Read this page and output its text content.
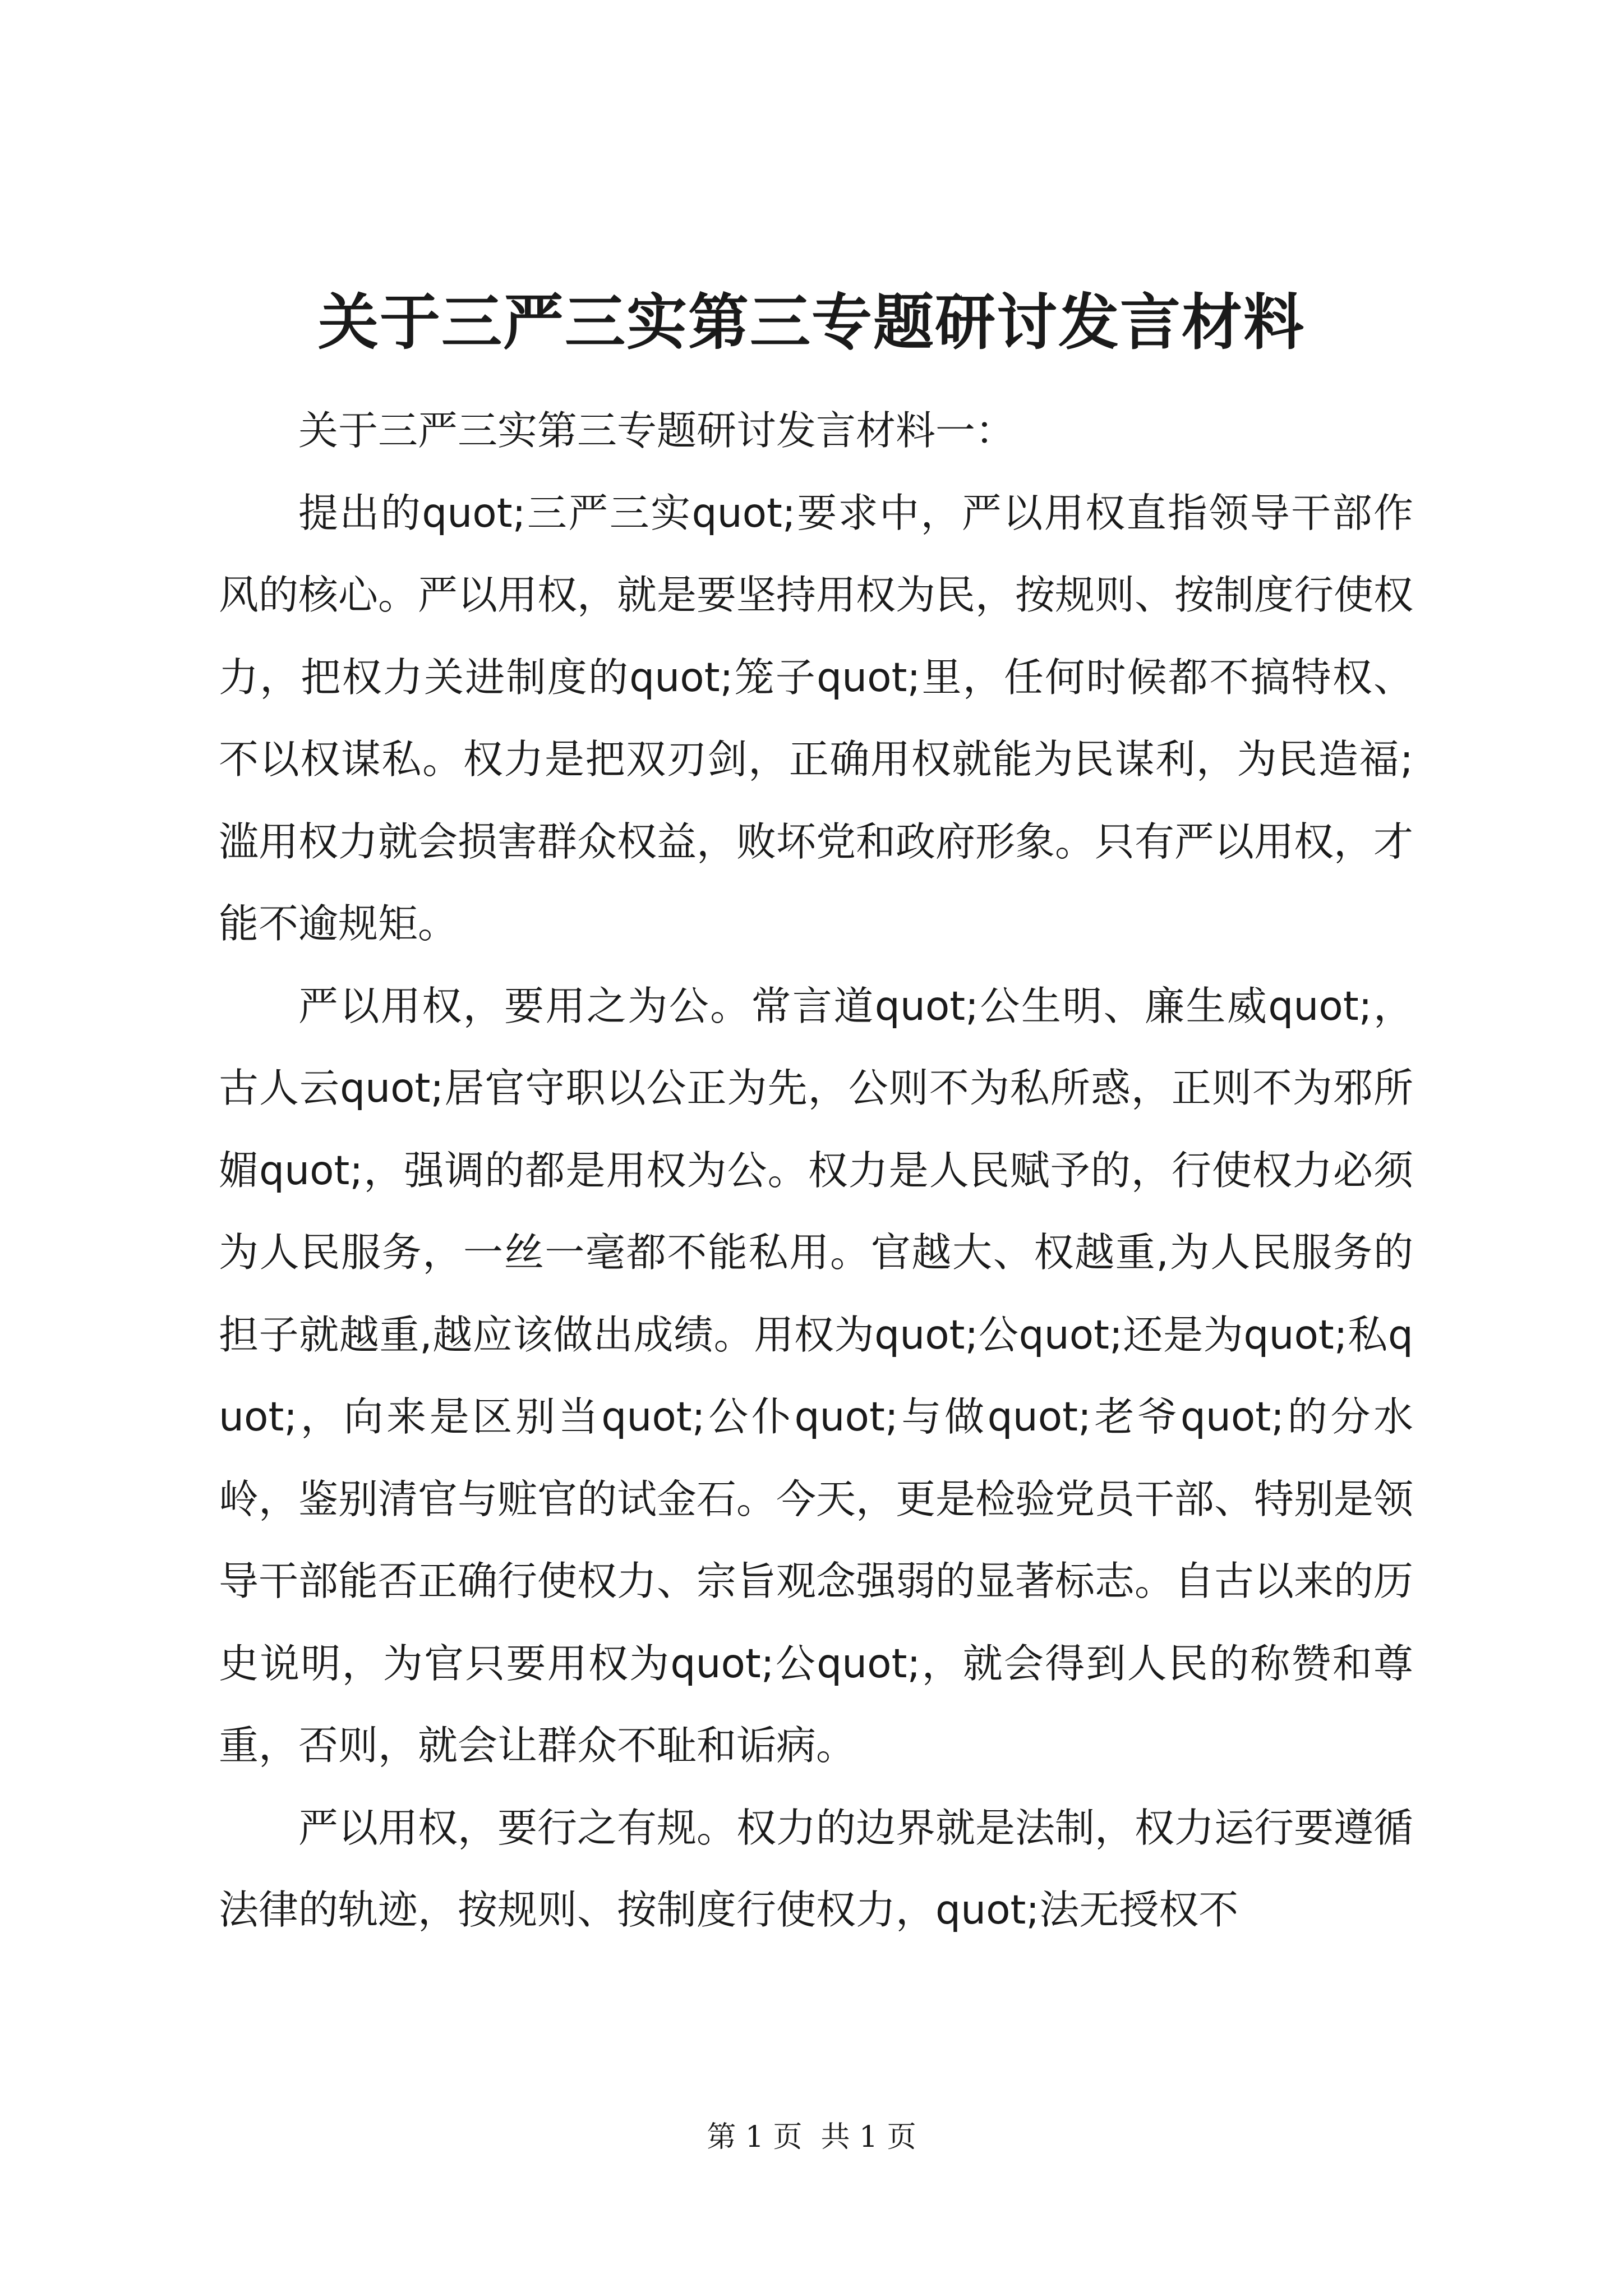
关于三严三实第三专题研讨发言材料

关于三严三实第三专题研讨发言材料一：

提出的quot;三严三实quot;要求中，严以用权直指领导干部作风的核心。严以用权，就是要坚持用权为民，按规则、按制度行使权力，把权力关进制度的quot;笼子quot;里，任何时候都不搞特权、不以权谋私。权力是把双刃剑，正确用权就能为民谋利，为民造福;滥用权力就会损害群众权益，败坏党和政府形象。只有严以用权，才能不逾规矩。

严以用权，要用之为公。常言道quot;公生明、廉生威quot;，古人云quot;居官守职以公正为先，公则不为私所惑，正则不为邪所媚quot;，强调的都是用权为公。权力是人民赋予的，行使权力必须为人民服务，一丝一毫都不能私用。官越大、权越重,为人民服务的担子就越重,越应该做出成绩。用权为quot;公quot;还是为quot;私quot;，向来是区别当quot;公仆quot;与做quot;老爷quot;的分水岭，鉴别清官与赃官的试金石。今天，更是检验党员干部、特别是领导干部能否正确行使权力、宗旨观念强弱的显著标志。自古以来的历史说明，为官只要用权为quot;公quot;，就会得到人民的称赞和尊重，否则，就会让群众不耻和诟病。

严以用权，要行之有规。权力的边界就是法制，权力运行要遵循法律的轨迹，按规则、按制度行使权力，quot;法无授权不

第 1 页  共 1 页
